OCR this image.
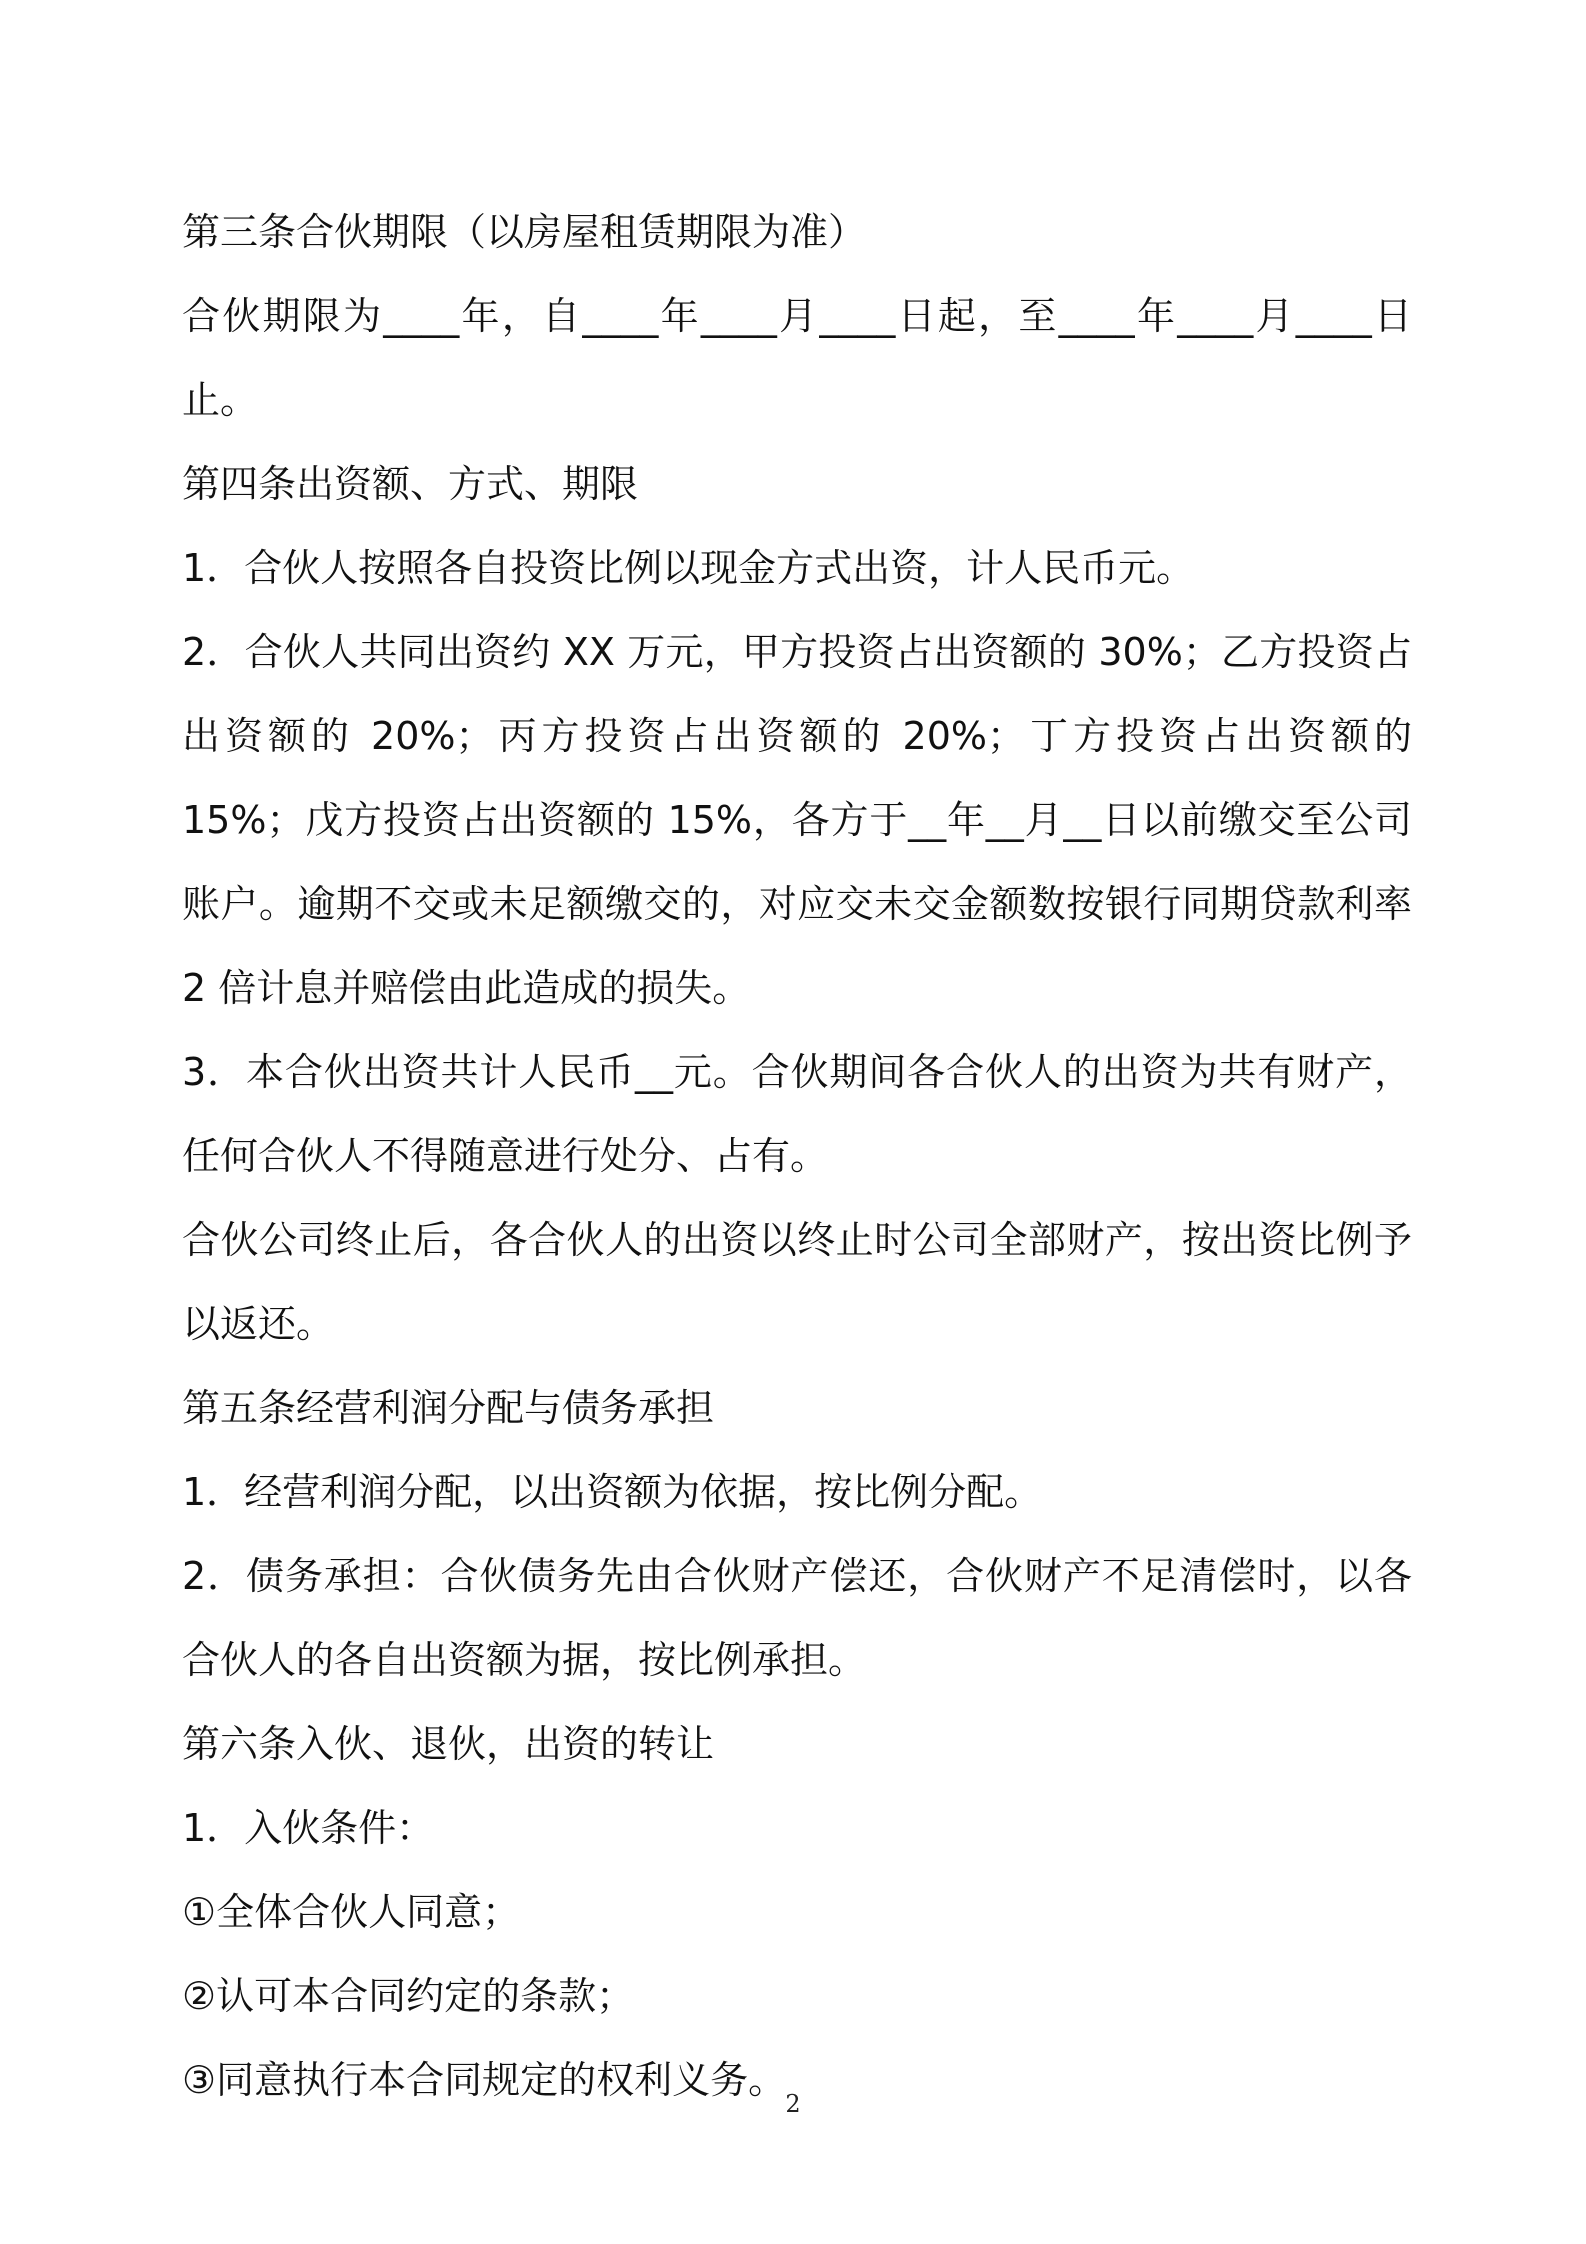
第三条合伙期限（以房屋租赁期限为准）

合伙期限为____年，自____年____月____日起，至____年____月____日止。

第四条出资额、方式、期限

1．合伙人按照各自投资比例以现金方式出资，计人民币元。

2．合伙人共同出资约 XX 万元，甲方投资占出资额的 30%；乙方投资占出资额的 20%；丙方投资占出资额的 20%；丁方投资占出资额的 15%；戊方投资占出资额的 15%，各方于__年__月__日以前缴交至公司账户。逾期不交或未足额缴交的，对应交未交金额数按银行同期贷款利率 2 倍计息并赔偿由此造成的损失。

3．本合伙出资共计人民币__元。合伙期间各合伙人的出资为共有财产，任何合伙人不得随意进行处分、占有。

合伙公司终止后，各合伙人的出资以终止时公司全部财产，按出资比例予以返还。

第五条经营利润分配与债务承担

1．经营利润分配，以出资额为依据，按比例分配。

2．债务承担：合伙债务先由合伙财产偿还，合伙财产不足清偿时，以各合伙人的各自出资额为据，按比例承担。

第六条入伙、退伙，出资的转让

1．入伙条件：

①全体合伙人同意；

②认可本合同约定的条款；

③同意执行本合同规定的权利义务。

2
